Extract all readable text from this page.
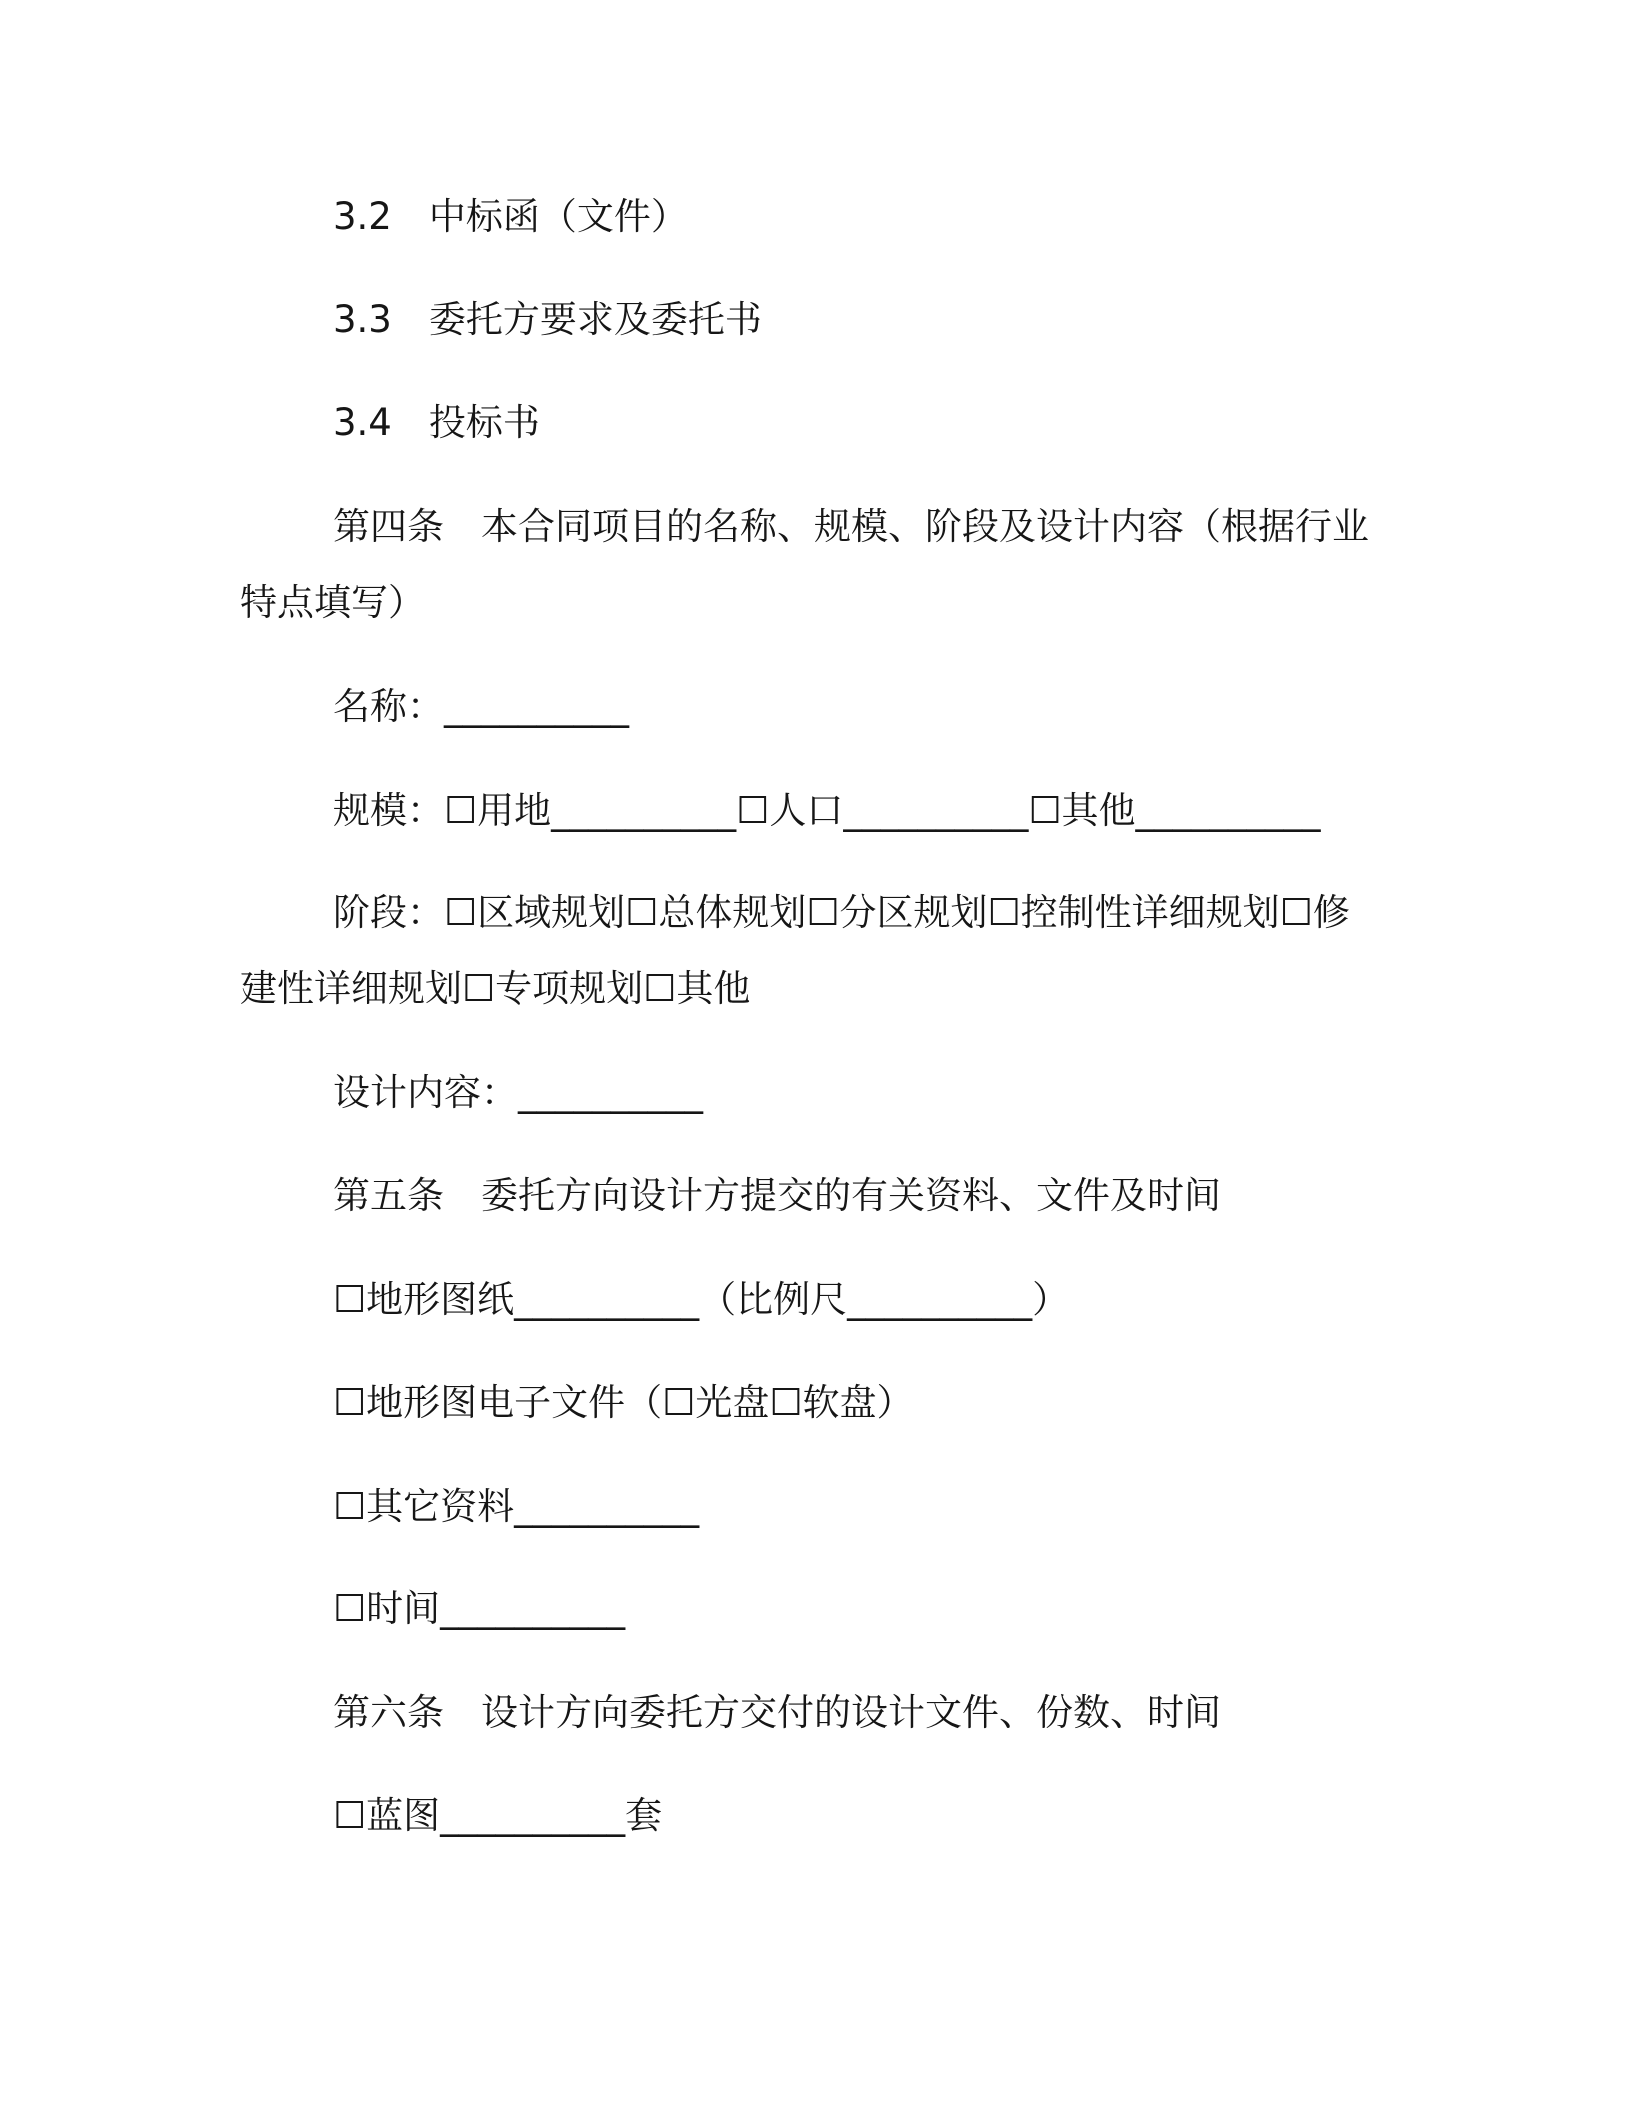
3.2　中标函（文件）
3.3　委托方要求及委托书
3.4　投标书
第四条　本合同项目的名称、规模、阶段及设计内容（根据行业
特点填写）
名称：__________
规模：☐用地__________☐人口__________☐其他__________
阶段：☐区域规划☐总体规划☐分区规划☐控制性详细规划☐修
建性详细规划☐专项规划☐其他
设计内容：__________
第五条　委托方向设计方提交的有关资料、文件及时间
☐地形图纸__________（比例尺__________）
☐地形图电子文件（☐光盘☐软盘）
☐其它资料__________
☐时间__________
第六条　设计方向委托方交付的设计文件、份数、时间
☐蓝图__________套
